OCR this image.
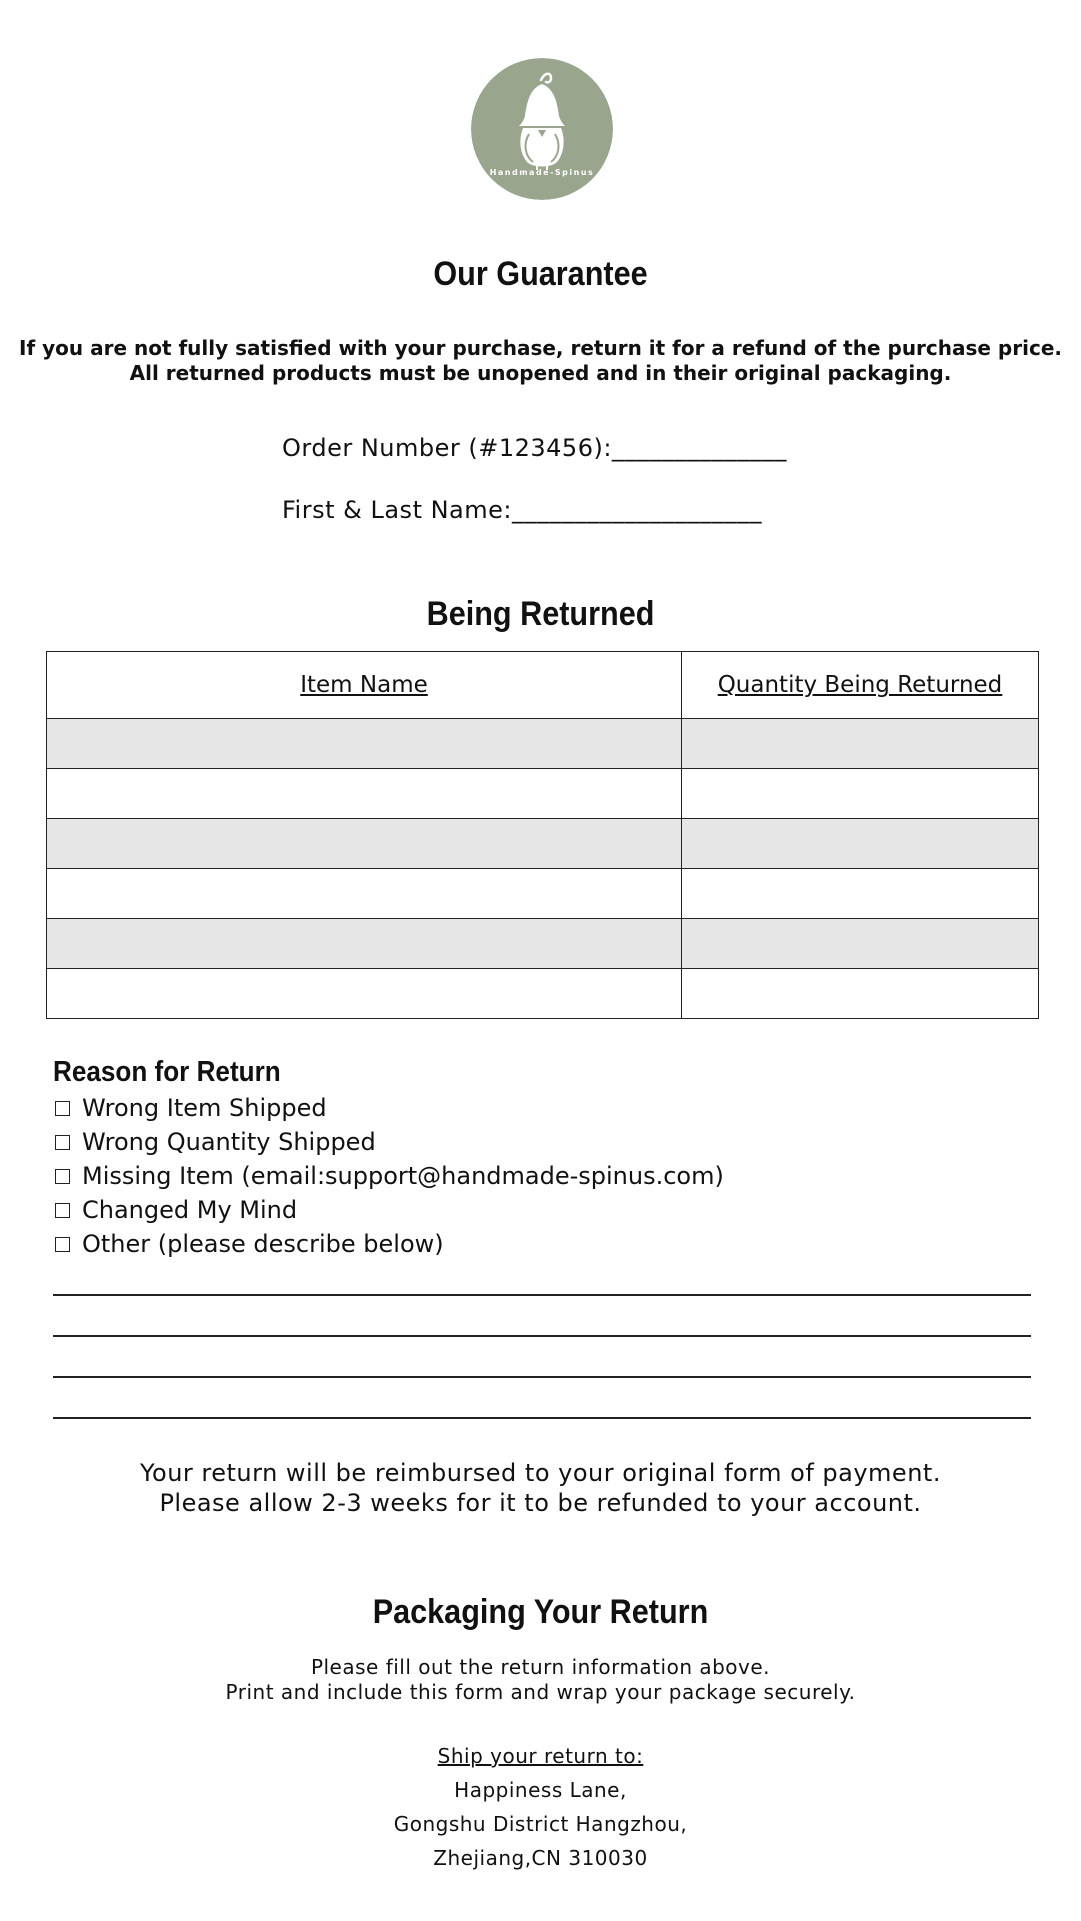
Handmade-Spinus
Our Guarantee
If you are not fully satisfied with your purchase, return it for a refund of the purchase price.
All returned products must be unopened and in their original packaging.
Order Number (#123456):______________
First & Last Name:____________________
Being Returned
Item Name	Quantity Being Returned

Reason for Return
Wrong Item Shipped
Wrong Quantity Shipped
Missing Item (email:support@handmade-spinus.com)
Changed My Mind
Other (please describe below)
Your return will be reimbursed to your original form of payment.
Please allow 2-3 weeks for it to be refunded to your account.
Packaging Your Return
Please fill out the return information above.
Print and include this form and wrap your package securely.
Ship your return to:
Happiness Lane,
Gongshu District Hangzhou,
Zhejiang,CN 310030
